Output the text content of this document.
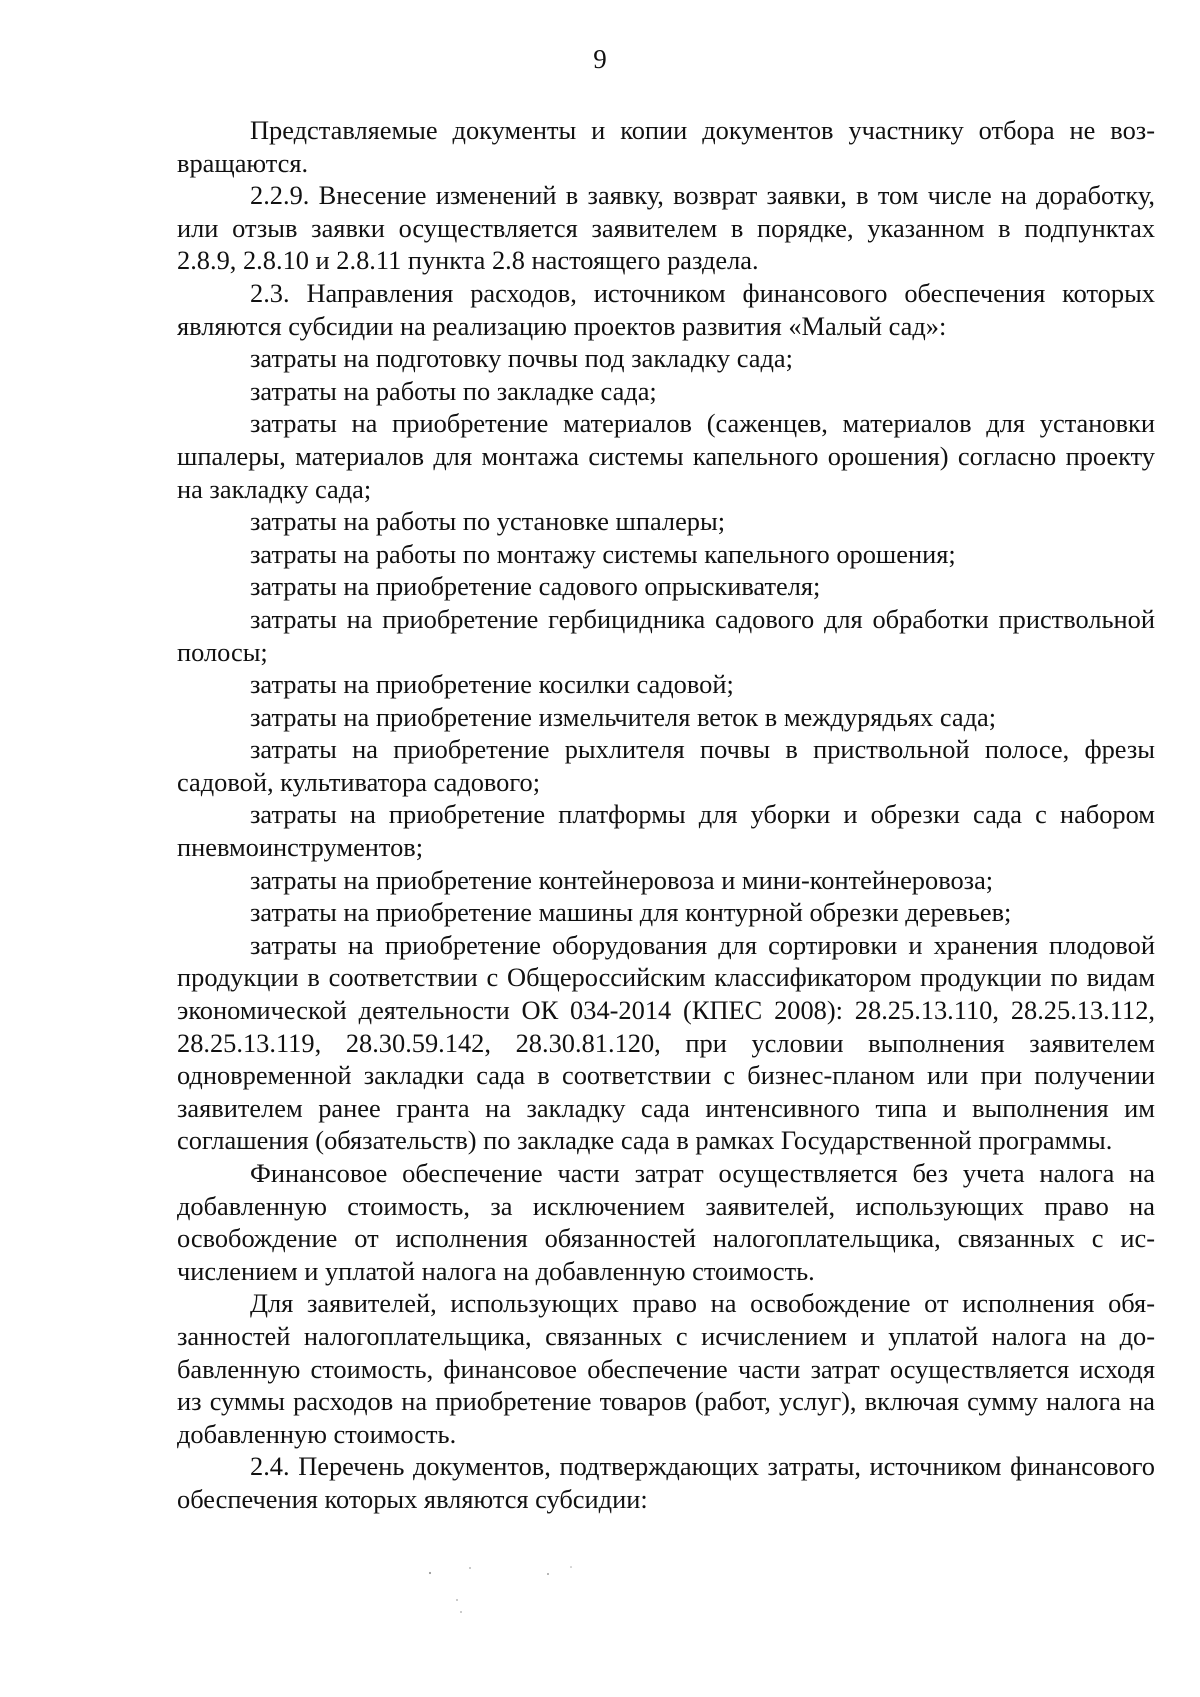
9

Представляемые документы и копии документов участнику отбора не возвращаются.

2.2.9. Внесение изменений в заявку, возврат заявки, в том числе на доработку, или отзыв заявки осуществляется заявителем в порядке, указанном в подпунктах 2.8.9, 2.8.10 и 2.8.11 пункта 2.8 настоящего раздела.

2.3. Направления расходов, источником финансового обеспечения которых являются субсидии на реализацию проектов развития «Малый сад»:

затраты на подготовку почвы под закладку сада;

затраты на работы по закладке сада;

затраты на приобретение материалов (саженцев, материалов для установки шпалеры, материалов для монтажа системы капельного орошения) согласно проекту на закладку сада;

затраты на работы по установке шпалеры;

затраты на работы по монтажу системы капельного орошения;

затраты на приобретение садового опрыскивателя;

затраты на приобретение гербицидника садового для обработки приствольной полосы;

затраты на приобретение косилки садовой;

затраты на приобретение измельчителя веток в междурядьях сада;

затраты на приобретение рыхлителя почвы в приствольной полосе, фрезы садовой, культиватора садового;

затраты на приобретение платформы для уборки и обрезки сада с набором пневмоинструментов;

затраты на приобретение контейнеровоза и мини-контейнеровоза;

затраты на приобретение машины для контурной обрезки деревьев;

затраты на приобретение оборудования для сортировки и хранения плодовой продукции в соответствии с Общероссийским классификатором продукции по видам экономической деятельности ОК 034-2014 (КПЕС 2008): 28.25.13.110, 28.25.13.112, 28.25.13.119, 28.30.59.142, 28.30.81.120, при условии выполнения заявителем одновременной закладки сада в соответствии с бизнес-планом или при получении заявителем ранее гранта на закладку сада интенсивного типа и выполнения им соглашения (обязательств) по закладке сада в рамках Государственной программы.

Финансовое обеспечение части затрат осуществляется без учета налога на добавленную стоимость, за исключением заявителей, использующих право на освобождение от исполнения обязанностей налогоплательщика, связанных с исчислением и уплатой налога на добавленную стоимость.

Для заявителей, использующих право на освобождение от исполнения обязанностей налогоплательщика, связанных с исчислением и уплатой налога на добавленную стоимость, финансовое обеспечение части затрат осуществляется исходя из суммы расходов на приобретение товаров (работ, услуг), включая сумму налога на добавленную стоимость.

2.4. Перечень документов, подтверждающих затраты, источником финансового обеспечения которых являются субсидии:
